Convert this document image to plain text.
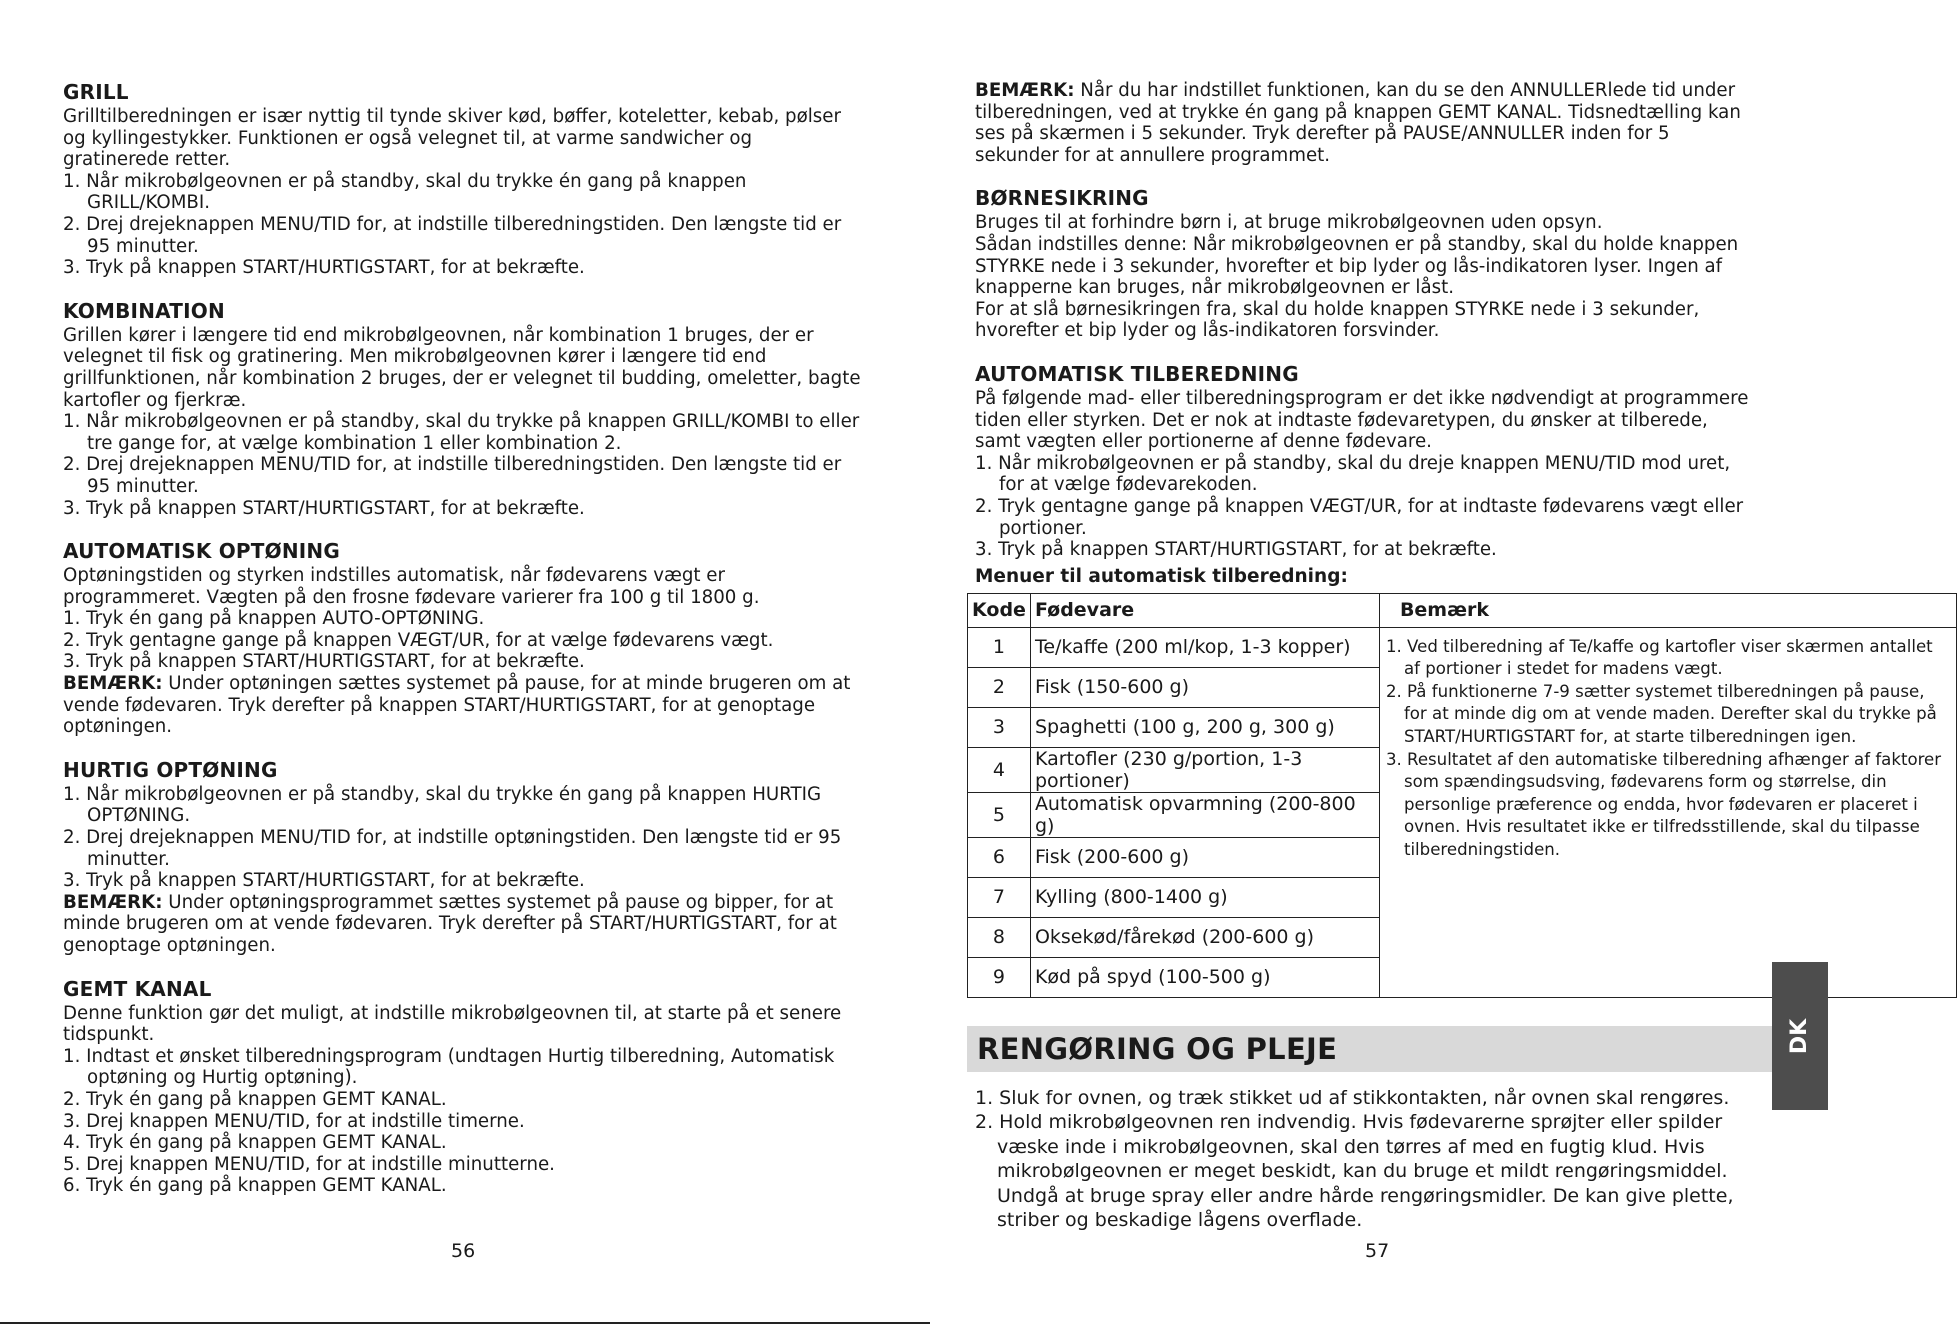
GRILL

Grilltilberedningen er især nyttig til tynde skiver kød, bøffer, koteletter, kebab, pølser og kyllingestykker. Funktionen er også velegnet til, at varme sandwicher og gratinerede retter.

1. Når mikrobølgeovnen er på standby, skal du trykke én gang på knappen GRILL/KOMBI.

2. Drej drejeknappen MENU/TID for, at indstille tilberedningstiden. Den længste tid er 95 minutter.

3. Tryk på knappen START/HURTIGSTART, for at bekræfte.

KOMBINATION

Grillen kører i længere tid end mikrobølgeovnen, når kombination 1 bruges, der er velegnet til fisk og gratinering. Men mikrobølgeovnen kører i længere tid end grillfunktionen, når kombination 2 bruges, der er velegnet til budding, omeletter, bagte kartofler og fjerkræ.

1. Når mikrobølgeovnen er på standby, skal du trykke på knappen GRILL/KOMBI to eller tre gange for, at vælge kombination 1 eller kombination 2.

2. Drej drejeknappen MENU/TID for, at indstille tilberedningstiden. Den længste tid er 95 minutter.

3. Tryk på knappen START/HURTIGSTART, for at bekræfte.

AUTOMATISK OPTØNING

Optøningstiden og styrken indstilles automatisk, når fødevarens vægt er programmeret. Vægten på den frosne fødevare varierer fra 100 g til 1800 g.

1. Tryk én gang på knappen AUTO-OPTØNING.

2. Tryk gentagne gange på knappen VÆGT/UR, for at vælge fødevarens vægt.

3. Tryk på knappen START/HURTIGSTART, for at bekræfte.

BEMÆRK: Under optøningen sættes systemet på pause, for at minde brugeren om at vende fødevaren. Tryk derefter på knappen START/HURTIGSTART, for at genoptage optøningen.

HURTIG OPTØNING

1. Når mikrobølgeovnen er på standby, skal du trykke én gang på knappen HURTIG OPTØNING.

2. Drej drejeknappen MENU/TID for, at indstille optøningstiden. Den længste tid er 95 minutter.

3. Tryk på knappen START/HURTIGSTART, for at bekræfte.

BEMÆRK: Under optøningsprogrammet sættes systemet på pause og bipper, for at minde brugeren om at vende fødevaren. Tryk derefter på START/HURTIGSTART, for at genoptage optøningen.

GEMT KANAL

Denne funktion gør det muligt, at indstille mikrobølgeovnen til, at starte på et senere tidspunkt.

1. Indtast et ønsket tilberedningsprogram (undtagen Hurtig tilberedning, Automatisk optøning og Hurtig optøning).

2. Tryk én gang på knappen GEMT KANAL.

3. Drej knappen MENU/TID, for at indstille timerne.

4. Tryk én gang på knappen GEMT KANAL.

5. Drej knappen MENU/TID, for at indstille minutterne.

6. Tryk én gang på knappen GEMT KANAL.

56

BEMÆRK: Når du har indstillet funktionen, kan du se den ANNULLERlede tid under tilberedningen, ved at trykke én gang på knappen GEMT KANAL. Tidsnedtælling kan ses på skærmen i 5 sekunder. Tryk derefter på PAUSE/ANNULLER inden for 5 sekunder for at annullere programmet.

BØRNESIKRING

Bruges til at forhindre børn i, at bruge mikrobølgeovnen uden opsyn.

Sådan indstilles denne: Når mikrobølgeovnen er på standby, skal du holde knappen STYRKE nede i 3 sekunder, hvorefter et bip lyder og lås-indikatoren lyser. Ingen af knapperne kan bruges, når mikrobølgeovnen er låst.

For at slå børnesikringen fra, skal du holde knappen STYRKE nede i 3 sekunder, hvorefter et bip lyder og lås-indikatoren forsvinder.

AUTOMATISK TILBEREDNING

På følgende mad- eller tilberedningsprogram er det ikke nødvendigt at programmere tiden eller styrken. Det er nok at indtaste fødevaretypen, du ønsker at tilberede, samt vægten eller portionerne af denne fødevare.

1. Når mikrobølgeovnen er på standby, skal du dreje knappen MENU/TID mod uret, for at vælge fødevarekoden.

2. Tryk gentagne gange på knappen VÆGT/UR, for at indtaste fødevarens vægt eller portioner.

3. Tryk på knappen START/HURTIGSTART, for at bekræfte.

Menuer til automatisk tilberedning:
Kode	Fødevare	Bemærk
1	Te/kaffe (200 ml/kop, 1-3 kopper)	1. Ved tilberedning af Te/kaffe og kartofler viser skærmen antallet af portioner i stedet for madens vægt.
2. På funktionerne 7-9 sætter systemet tilberedningen på pause, for at minde dig om at vende maden. Derefter skal du trykke på START/HURTIGSTART for, at starte tilberedningen igen.
3. Resultatet af den automatiske tilberedning afhænger af faktorer som spændingsudsving, fødevarens form og størrelse, din personlige præference og endda, hvor fødevaren er placeret i ovnen. Hvis resultatet ikke er tilfredsstillende, skal du tilpasse tilberedningstiden.

2	Fisk (150-600 g)	
3	Spaghetti (100 g, 200 g, 300 g)	
4	Kartofler (230 g/portion, 1-3 portioner)	
5	Automatisk opvarmning (200-800 g)	
6	Fisk (200-600 g)	
7	Kylling (800-1400 g)	
8	Oksekød/fårekød (200-600 g)	
9	Kød på spyd (100-500 g)	
RENGØRING OG PLEJE

1. Sluk for ovnen, og træk stikket ud af stikkontakten, når ovnen skal rengøres.

2. Hold mikrobølgeovnen ren indvendig. Hvis fødevarerne sprøjter eller spilder væske inde i mikrobølgeovnen, skal den tørres af med en fugtig klud. Hvis mikrobølgeovnen er meget beskidt, kan du bruge et mildt rengøringsmiddel. Undgå at bruge spray eller andre hårde rengøringsmidler. De kan give plette, striber og beskadige lågens overflade.

57
DK
